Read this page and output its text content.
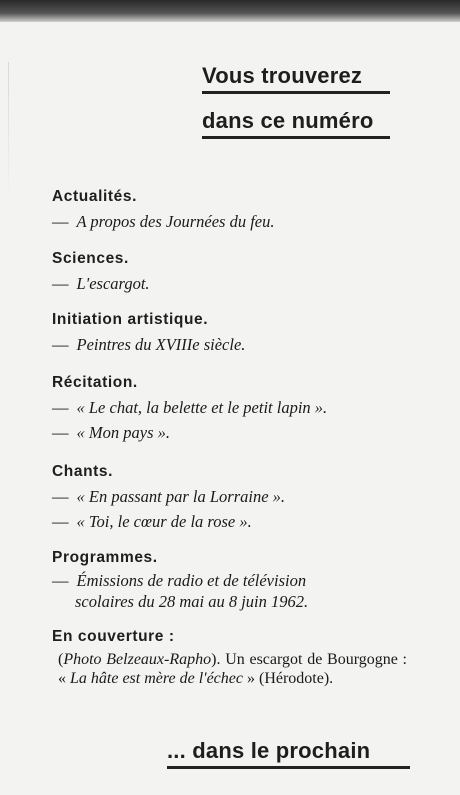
Vous trouverez
dans ce numéro
Actualités.
— A propos des Journées du feu.
Sciences.
— L'escargot.
Initiation artistique.
— Peintres du XVIIIe siècle.
Récitation.
— « Le chat, la belette et le petit lapin ».
— « Mon pays ».
Chants.
— « En passant par la Lorraine ».
— « Toi, le cœur de la rose ».
Programmes.
— Émissions de radio et de télévision
scolaires du 28 mai au 8 juin 1962.
En couverture :

(Photo Belzeaux-Rapho). Un escargot de Bourgogne : « La hâte est mère de l'échec » (Hérodote).

... dans le prochain
